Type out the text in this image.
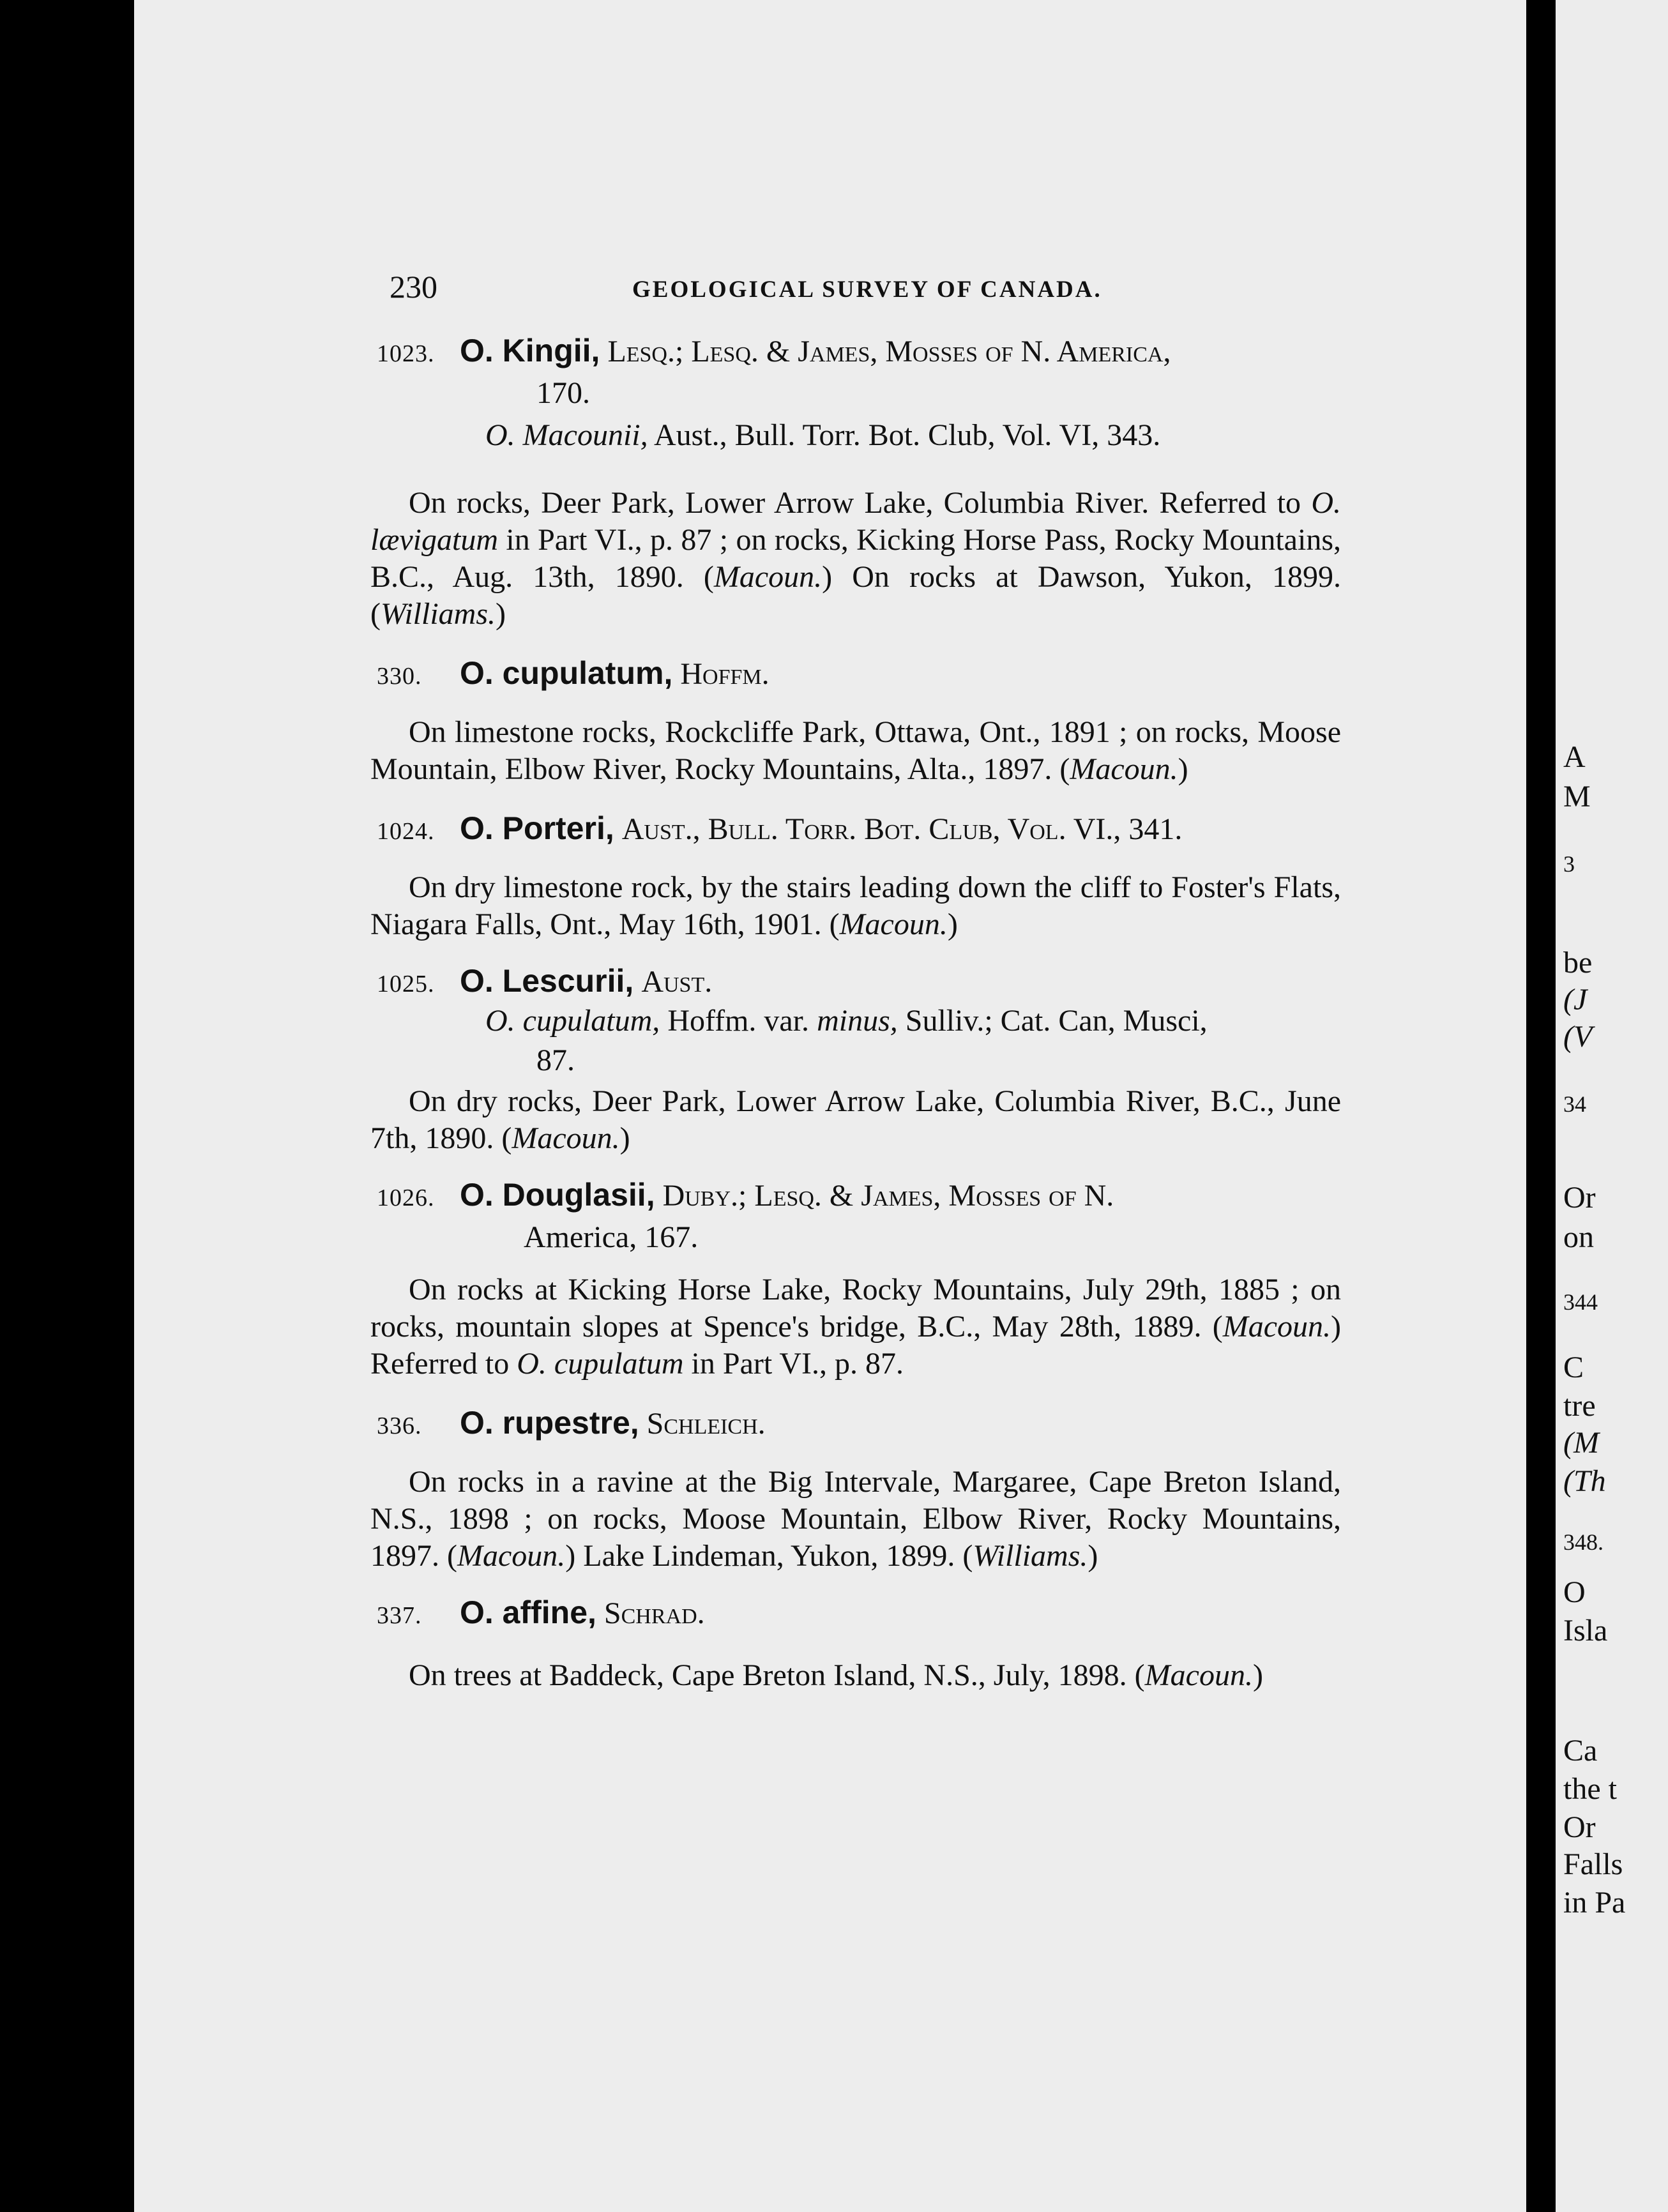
230	GEOLOGICAL SURVEY OF CANADA.

1023. O. Kingii, Lesq.; Lesq. & James, Mosses of N. America,

170.

O. Macounii, Aust., Bull. Torr. Bot. Club, Vol. VI, 343.

On rocks, Deer Park, Lower Arrow Lake, Columbia River. Referred to O. lævigatum in Part VI., p. 87 ; on rocks, Kicking Horse Pass, Rocky Mountains, B.C., Aug. 13th, 1890. (Macoun.) On rocks at Dawson, Yukon, 1899. (Williams.)

330. O. cupulatum, Hoffm.

On limestone rocks, Rockcliffe Park, Ottawa, Ont., 1891 ; on rocks, Moose Mountain, Elbow River, Rocky Mountains, Alta., 1897. (Macoun.)

1024. O. Porteri, Aust., Bull. Torr. Bot. Club, Vol. VI., 341.

On dry limestone rock, by the stairs leading down the cliff to Foster's Flats, Niagara Falls, Ont., May 16th, 1901. (Macoun.)

1025. O. Lescurii, Aust.

O. cupulatum, Hoffm. var. minus, Sulliv.; Cat. Can, Musci,

87.

On dry rocks, Deer Park, Lower Arrow Lake, Columbia River, B.C., June 7th, 1890. (Macoun.)

1026. O. Douglasii, Duby.; Lesq. & James, Mosses of N.

America, 167.

On rocks at Kicking Horse Lake, Rocky Mountains, July 29th, 1885 ; on rocks, mountain slopes at Spence's bridge, B.C., May 28th, 1889. (Macoun.) Referred to O. cupulatum in Part VI., p. 87.

336. O. rupestre, Schleich.

On rocks in a ravine at the Big Intervale, Margaree, Cape Breton Island, N.S., 1898 ; on rocks, Moose Mountain, Elbow River, Rocky Mountains, 1897. (Macoun.) Lake Lindeman, Yukon, 1899. (Williams.)

337. O. affine, Schrad.

On trees at Baddeck, Cape Breton Island, N.S., July, 1898. (Macoun.)

A
M
3
be
(J
(V
34
Or
on
344
C
tre
(M
(Th
348.
O
Isla
Ca
the t
Or
Falls
in Pa
